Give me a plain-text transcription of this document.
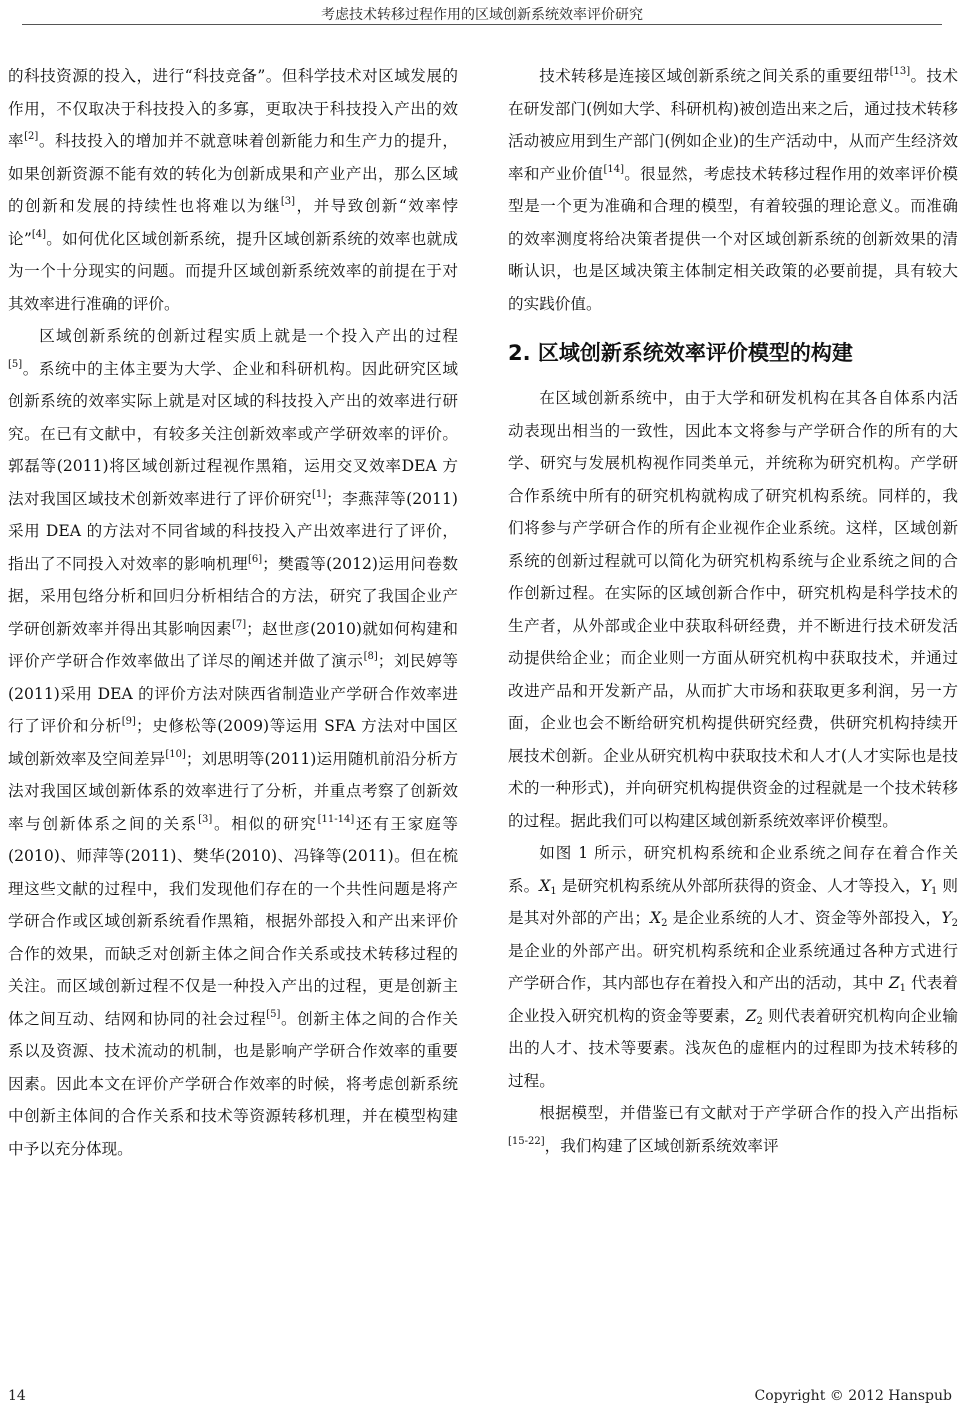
考虑技术转移过程作用的区域创新系统效率评价研究

的科技资源的投入，进行“科技竞备”。但科学技术对区域发展的作用，不仅取决于科技投入的多寡，更取决于科技投入产出的效率[2]。科技投入的增加并不就意味着创新能力和生产力的提升，如果创新资源不能有效的转化为创新成果和产业产出，那么区域的创新和发展的持续性也将难以为继[3]，并导致创新“效率悖论”[4]。如何优化区域创新系统，提升区域创新系统的效率也就成为一个十分现实的问题。而提升区域创新系统效率的前提在于对其效率进行准确的评价。

区域创新系统的创新过程实质上就是一个投入产出的过程[5]。系统中的主体主要为大学、企业和科研机构。因此研究区域创新系统的效率实际上就是对区域的科技投入产出的效率进行研究。在已有文献中，有较多关注创新效率或产学研效率的评价。郭磊等(2011)将区域创新过程视作黑箱，运用交叉效率DEA 方法对我国区域技术创新效率进行了评价研究[1]；李燕萍等(2011)采用 DEA 的方法对不同省域的科技投入产出效率进行了评价，指出了不同投入对效率的影响机理[6]；樊霞等(2012)运用问卷数据，采用包络分析和回归分析相结合的方法，研究了我国企业产学研创新效率并得出其影响因素[7]；赵世彦(2010)就如何构建和评价产学研合作效率做出了详尽的阐述并做了演示[8]；刘民婷等(2011)采用 DEA 的评价方法对陕西省制造业产学研合作效率进行了评价和分析[9]；史修松等(2009)等运用 SFA 方法对中国区域创新效率及空间差异[10]；刘思明等(2011)运用随机前沿分析方法对我国区域创新体系的效率进行了分析，并重点考察了创新效率与创新体系之间的关系[3]。相似的研究[11-14]还有王家庭等(2010)、师萍等(2011)、樊华(2010)、冯锋等(2011)。但在梳理这些文献的过程中，我们发现他们存在的一个共性问题是将产学研合作或区域创新系统看作黑箱，根据外部投入和产出来评价合作的效果，而缺乏对创新主体之间合作关系或技术转移过程的关注。而区域创新过程不仅是一种投入产出的过程，更是创新主体之间互动、结网和协同的社会过程[5]。创新主体之间的合作关系以及资源、技术流动的机制，也是影响产学研合作效率的重要因素。因此本文在评价产学研合作效率的时候，将考虑创新系统中创新主体间的合作关系和技术等资源转移机理，并在模型构建中予以充分体现。

技术转移是连接区域创新系统之间关系的重要纽带[13]。技术在研发部门(例如大学、科研机构)被创造出来之后，通过技术转移活动被应用到生产部门(例如企业)的生产活动中，从而产生经济效率和产业价值[14]。很显然，考虑技术转移过程作用的效率评价模型是一个更为准确和合理的模型，有着较强的理论意义。而准确的效率测度将给决策者提供一个对区域创新系统的创新效果的清晰认识，也是区域决策主体制定相关政策的必要前提，具有较大的实践价值。

2. 区域创新系统效率评价模型的构建

在区域创新系统中，由于大学和研发机构在其各自体系内活动表现出相当的一致性，因此本文将参与产学研合作的所有的大学、研究与发展机构视作同类单元，并统称为研究机构。产学研合作系统中所有的研究机构就构成了研究机构系统。同样的，我们将参与产学研合作的所有企业视作企业系统。这样，区域创新系统的创新过程就可以简化为研究机构系统与企业系统之间的合作创新过程。在实际的区域创新合作中，研究机构是科学技术的生产者，从外部或企业中获取科研经费，并不断进行技术研发活动提供给企业；而企业则一方面从研究机构中获取技术，并通过改进产品和开发新产品，从而扩大市场和获取更多利润，另一方面，企业也会不断给研究机构提供研究经费，供研究机构持续开展技术创新。企业从研究机构中获取技术和人才(人才实际也是技术的一种形式)，并向研究机构提供资金的过程就是一个技术转移的过程。据此我们可以构建区域创新系统效率评价模型。

如图 1 所示，研究机构系统和企业系统之间存在着合作关系。$X_1$ 是研究机构系统从外部所获得的资金、人才等投入，$Y_1$ 则是其对外部的产出；$X_2$ 是企业系统的人才、资金等外部投入，$Y_2$ 是企业的外部产出。研究机构系统和企业系统通过各种方式进行产学研合作，其内部也存在着投入和产出的活动，其中 $Z_1$ 代表着企业投入研究机构的资金等要素，$Z_2$ 则代表着研究机构向企业输出的人才、技术等要素。浅灰色的虚框内的过程即为技术转移的过程。

根据模型，并借鉴已有文献对于产学研合作的投入产出指标[15-22]，我们构建了区域创新系统效率评

14	Copyright © 2012 Hanspub
